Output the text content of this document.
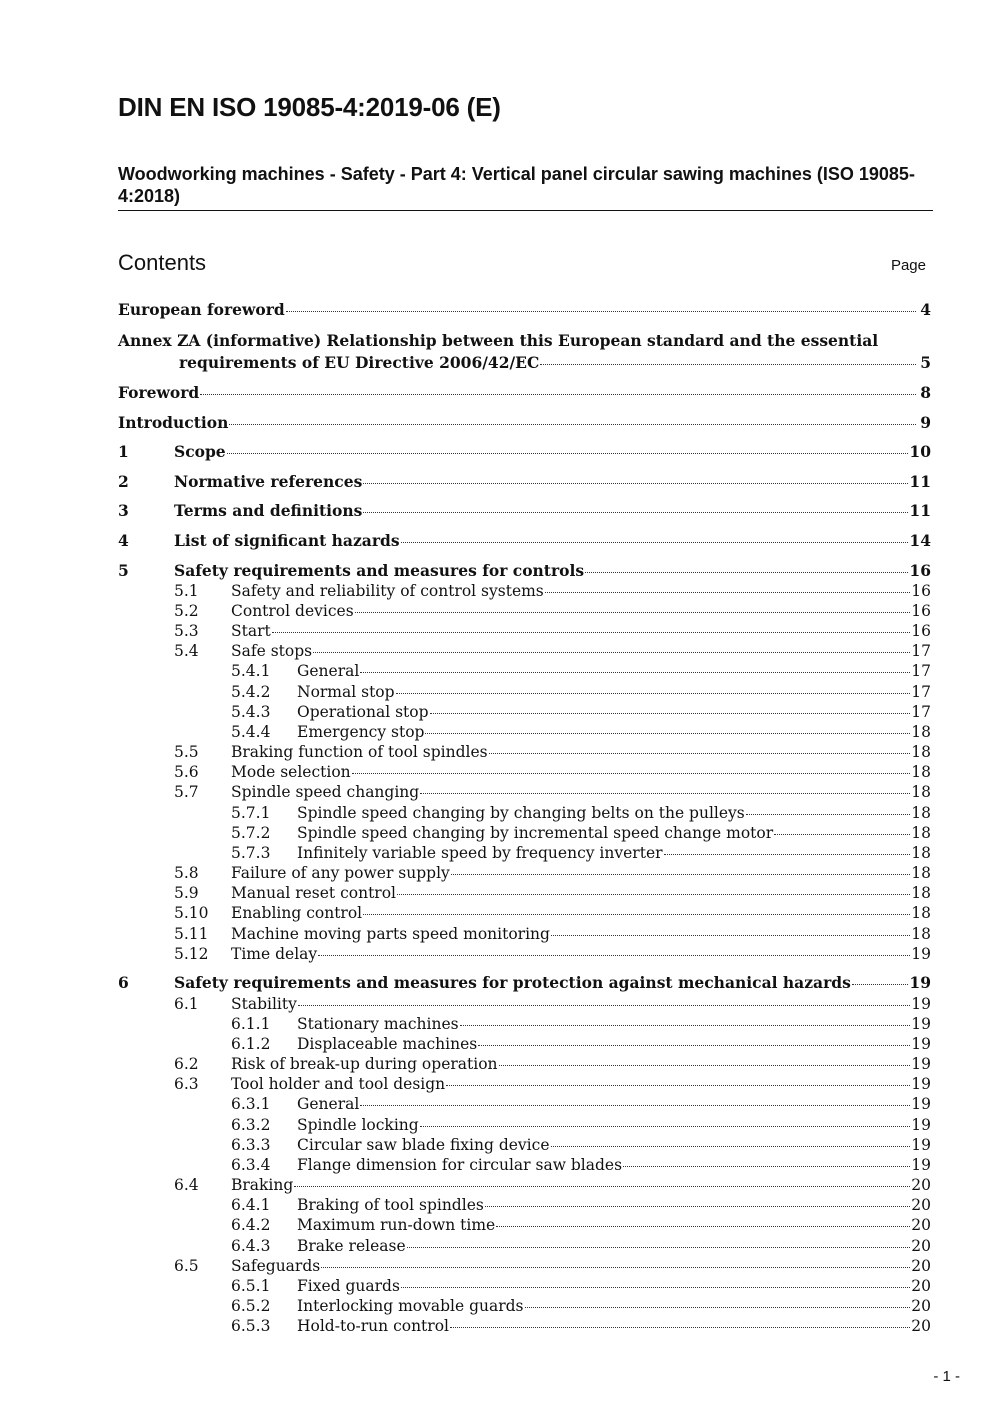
DIN EN ISO 19085-4:2019-06 (E)
Woodworking machines - Safety - Part 4: Vertical panel circular sawing machines (ISO 19085-4:2018)
Contents	Page
European foreword	4
Annex ZA (informative) Relationship between this European standard and the essential
requirements of EU Directive 2006/42/EC	5
Foreword	8
Introduction	9
1	Scope	10
2	Normative references	11
3	Terms and definitions	11
4	List of significant hazards	14
5	Safety requirements and measures for controls	16
5.1	Safety and reliability of control systems	16
5.2	Control devices	16
5.3	Start	16
5.4	Safe stops	17
5.4.1	General	17
5.4.2	Normal stop	17
5.4.3	Operational stop	17
5.4.4	Emergency stop	18
5.5	Braking function of tool spindles	18
5.6	Mode selection	18
5.7	Spindle speed changing	18
5.7.1	Spindle speed changing by changing belts on the pulleys	18
5.7.2	Spindle speed changing by incremental speed change motor	18
5.7.3	Infinitely variable speed by frequency inverter	18
5.8	Failure of any power supply	18
5.9	Manual reset control	18
5.10	Enabling control	18
5.11	Machine moving parts speed monitoring	18
5.12	Time delay	19
6	Safety requirements and measures for protection against mechanical hazards	19
6.1	Stability	19
6.1.1	Stationary machines	19
6.1.2	Displaceable machines	19
6.2	Risk of break-up during operation	19
6.3	Tool holder and tool design	19
6.3.1	General	19
6.3.2	Spindle locking	19
6.3.3	Circular saw blade fixing device	19
6.3.4	Flange dimension for circular saw blades	19
6.4	Braking	20
6.4.1	Braking of tool spindles	20
6.4.2	Maximum run-down time	20
6.4.3	Brake release	20
6.5	Safeguards	20
6.5.1	Fixed guards	20
6.5.2	Interlocking movable guards	20
6.5.3	Hold-to-run control	20
- 1 -
